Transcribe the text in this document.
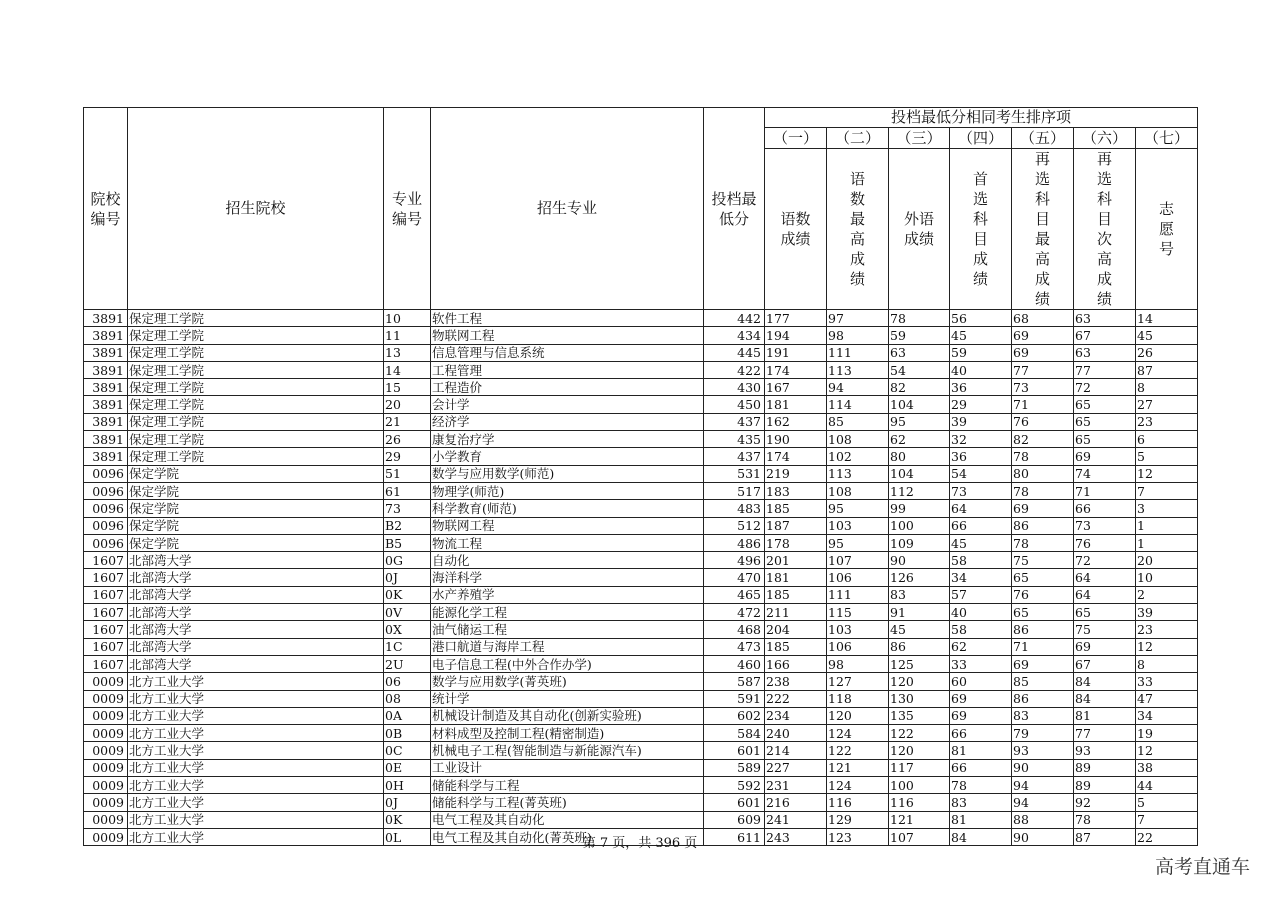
院校编号	招生院校	专业编号	招生专业	投档最低分	投档最低分相同考生排序项						
					（一）	（二）	（三）	（四）	（五）	（六）	（七）
					语数成绩	语数最高成绩	外语成绩	首选科目成绩	再选科目最高成绩	再选科目次高成绩	志愿号
3891	保定理工学院	10	软件工程	442	177	97	78	56	68	63	14
3891	保定理工学院	11	物联网工程	434	194	98	59	45	69	67	45
3891	保定理工学院	13	信息管理与信息系统	445	191	111	63	59	69	63	26
3891	保定理工学院	14	工程管理	422	174	113	54	40	77	77	87
3891	保定理工学院	15	工程造价	430	167	94	82	36	73	72	8
3891	保定理工学院	20	会计学	450	181	114	104	29	71	65	27
3891	保定理工学院	21	经济学	437	162	85	95	39	76	65	23
3891	保定理工学院	26	康复治疗学	435	190	108	62	32	82	65	6
3891	保定理工学院	29	小学教育	437	174	102	80	36	78	69	5
0096	保定学院	51	数学与应用数学(师范)	531	219	113	104	54	80	74	12
0096	保定学院	61	物理学(师范)	517	183	108	112	73	78	71	7
0096	保定学院	73	科学教育(师范)	483	185	95	99	64	69	66	3
0096	保定学院	B2	物联网工程	512	187	103	100	66	86	73	1
0096	保定学院	B5	物流工程	486	178	95	109	45	78	76	1
1607	北部湾大学	0G	自动化	496	201	107	90	58	75	72	20
1607	北部湾大学	0J	海洋科学	470	181	106	126	34	65	64	10
1607	北部湾大学	0K	水产养殖学	465	185	111	83	57	76	64	2
1607	北部湾大学	0V	能源化学工程	472	211	115	91	40	65	65	39
1607	北部湾大学	0X	油气储运工程	468	204	103	45	58	86	75	23
1607	北部湾大学	1C	港口航道与海岸工程	473	185	106	86	62	71	69	12
1607	北部湾大学	2U	电子信息工程(中外合作办学)	460	166	98	125	33	69	67	8
0009	北方工业大学	06	数学与应用数学(菁英班)	587	238	127	120	60	85	84	33
0009	北方工业大学	08	统计学	591	222	118	130	69	86	84	47
0009	北方工业大学	0A	机械设计制造及其自动化(创新实验班)	602	234	120	135	69	83	81	34
0009	北方工业大学	0B	材料成型及控制工程(精密制造)	584	240	124	122	66	79	77	19
0009	北方工业大学	0C	机械电子工程(智能制造与新能源汽车)	601	214	122	120	81	93	93	12
0009	北方工业大学	0E	工业设计	589	227	121	117	66	90	89	38
0009	北方工业大学	0H	储能科学与工程	592	231	124	100	78	94	89	44
0009	北方工业大学	0J	储能科学与工程(菁英班)	601	216	116	116	83	94	92	5
0009	北方工业大学	0K	电气工程及其自动化	609	241	129	121	81	88	78	7
0009	北方工业大学	0L	电气工程及其自动化(菁英班)	611	243	123	107	84	90	87	22
第 7 页，共 396 页
高考直通车
